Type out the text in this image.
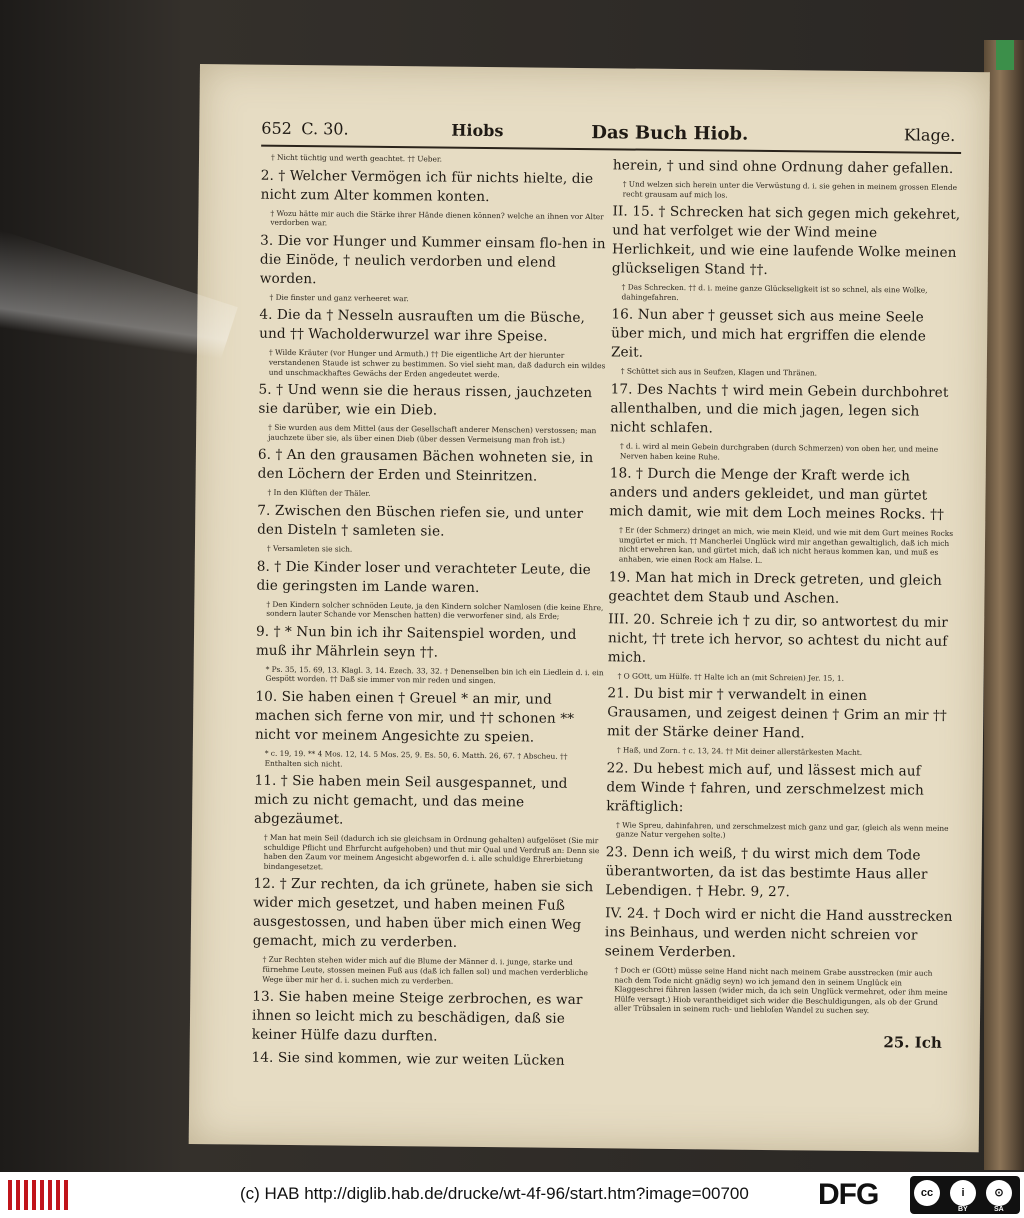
652 C. 30.	Hiobs	Das Buch Hiob.	Klage.
† Nicht tüchtig und werth geachtet. †† Ueber.
2. † Welcher Vermögen ich für nichts hielte, die nicht zum Alter kommen konten.
† Wozu hätte mir auch die Stärke ihrer Hände dienen können? welche an ihnen vor Alter verdorben war.
3. Die vor Hunger und Kummer einsam flo-hen in die Einöde, † neulich verdorben und elend worden.
† Die finster und ganz verheeret war.
4. Die da † Nesseln ausrauften um die Büsche, und †† Wacholderwurzel war ihre Speise.
† Wilde Kräuter (vor Hunger und Armuth.) †† Die eigentliche Art der hierunter verstandenen Staude ist schwer zu bestimmen. So viel sieht man, daß dadurch ein wildes und unschmackhaftes Gewächs der Erden angedeutet werde.
5. † Und wenn sie die heraus rissen, jauchzeten sie darüber, wie ein Dieb.
† Sie wurden aus dem Mittel (aus der Gesellschaft anderer Menschen) verstossen; man jauchzete über sie, als über einen Dieb (über dessen Vermeisung man froh ist.)
6. † An den grausamen Bächen wohneten sie, in den Löchern der Erden und Steinritzen.
† In den Klüften der Thäler.
7. Zwischen den Büschen riefen sie, und unter den Disteln † samleten sie.
† Versamleten sie sich.
8. † Die Kinder loser und verachteter Leute, die die geringsten im Lande waren.
† Den Kindern solcher schnöden Leute, ja den Kindern solcher Namlosen (die keine Ehre, sondern lauter Schande vor Menschen hatten) die verworfener sind, als Erde;
9. † * Nun bin ich ihr Saitenspiel worden, und muß ihr Mährlein seyn ††.
* Ps. 35, 15. 69, 13. Klagl. 3, 14. Ezech. 33, 32. † Denenselben bin ich ein Liedlein d. i. ein Gespött worden. †† Daß sie immer von mir reden und singen.
10. Sie haben einen † Greuel * an mir, und machen sich ferne von mir, und †† schonen ** nicht vor meinem Angesichte zu speien.
* c. 19, 19. ** 4 Mos. 12, 14. 5 Mos. 25, 9. Es. 50, 6. Matth. 26, 67. † Abscheu. †† Enthalten sich nicht.
11. † Sie haben mein Seil ausgespannet, und mich zu nicht gemacht, und das meine abgezäumet.
† Man hat mein Seil (dadurch ich sie gleichsam in Ordnung gehalten) aufgelöset (Sie mir schuldige Pflicht und Ehrfurcht aufgehoben) und thut mir Qual und Verdruß an: Denn sie haben den Zaum vor meinem Angesicht abgeworfen d. i. alle schuldige Ehrerbietung bindangesetzet.
12. † Zur rechten, da ich grünete, haben sie sich wider mich gesetzet, und haben meinen Fuß ausgestossen, und haben über mich einen Weg gemacht, mich zu verderben.
† Zur Rechten stehen wider mich auf die Blume der Männer d. i. junge, starke und fürnehme Leute, stossen meinen Fuß aus (daß ich fallen sol) und machen verderbliche Wege über mir her d. i. suchen mich zu verderben.
13. Sie haben meine Steige zerbrochen, es war ihnen so leicht mich zu beschädigen, daß sie keiner Hülfe dazu durften.
14. Sie sind kommen, wie zur weiten Lücken
herein, † und sind ohne Ordnung daher gefallen.
† Und welzen sich herein unter die Verwüstung d. i. sie gehen in meinem grossen Elende recht grausam auf mich los.
II. 15. † Schrecken hat sich gegen mich gekehret, und hat verfolget wie der Wind meine Herlichkeit, und wie eine laufende Wolke meinen glückseligen Stand ††.
† Das Schrecken. †† d. i. meine ganze Glückseligkeit ist so schnel, als eine Wolke, dahingefahren.
16. Nun aber † geusset sich aus meine Seele über mich, und mich hat ergriffen die elende Zeit.
† Schüttet sich aus in Seufzen, Klagen und Thränen.
17. Des Nachts † wird mein Gebein durchbohret allenthalben, und die mich jagen, legen sich nicht schlafen.
† d. i. wird al mein Gebein durchgraben (durch Schmerzen) von oben her, und meine Nerven haben keine Ruhe.
18. † Durch die Menge der Kraft werde ich anders und anders gekleidet, und man gürtet mich damit, wie mit dem Loch meines Rocks. ††
† Er (der Schmerz) dringet an mich, wie mein Kleid, und wie mit dem Gurt meines Rocks umgürtet er mich. †† Mancherlei Unglück wird mir angethan gewaltiglich, daß ich mich nicht erwehren kan, und gürtet mich, daß ich nicht heraus kommen kan, und muß es anhaben, wie einen Rock am Halse. L.
19. Man hat mich in Dreck getreten, und gleich geachtet dem Staub und Aschen.
III. 20. Schreie ich † zu dir, so antwortest du mir nicht, †† trete ich hervor, so achtest du nicht auf mich.
† O GOtt, um Hülfe. †† Halte ich an (mit Schreien) Jer. 15, 1.
21. Du bist mir † verwandelt in einen Grausamen, und zeigest deinen † Grim an mir †† mit der Stärke deiner Hand.
† Haß, und Zorn. † c. 13, 24. †† Mit deiner allerstärkesten Macht.
22. Du hebest mich auf, und lässest mich auf dem Winde † fahren, und zerschmelzest mich kräftiglich:
† Wie Spreu, dahinfahren, und zerschmelzest mich ganz und gar, (gleich als wenn meine ganze Natur vergehen solte.)
23. Denn ich weiß, † du wirst mich dem Tode überantworten, da ist das bestimte Haus aller Lebendigen. † Hebr. 9, 27.
IV. 24. † Doch wird er nicht die Hand ausstrecken ins Beinhaus, und werden nicht schreien vor seinem Verderben.
† Doch er (GOtt) müsse seine Hand nicht nach meinem Grabe ausstrecken (mir auch nach dem Tode nicht gnädig seyn) wo ich jemand den in seinem Unglück ein Klaggeschrei führen lassen (wider mich, da ich sein Unglück vermehret, oder ihm meine Hülfe versagt.) Hiob verantheidiget sich wider die Beschuldigungen, als ob der Grund aller Trübsalen in seinem ruch- und liebloſen Wandel zu suchen sey.
25. Ich
(c) HAB http://diglib.hab.de/drucke/wt-4f-96/start.htm?image=00700 DFG	cc	i	⊙
BY	SA
